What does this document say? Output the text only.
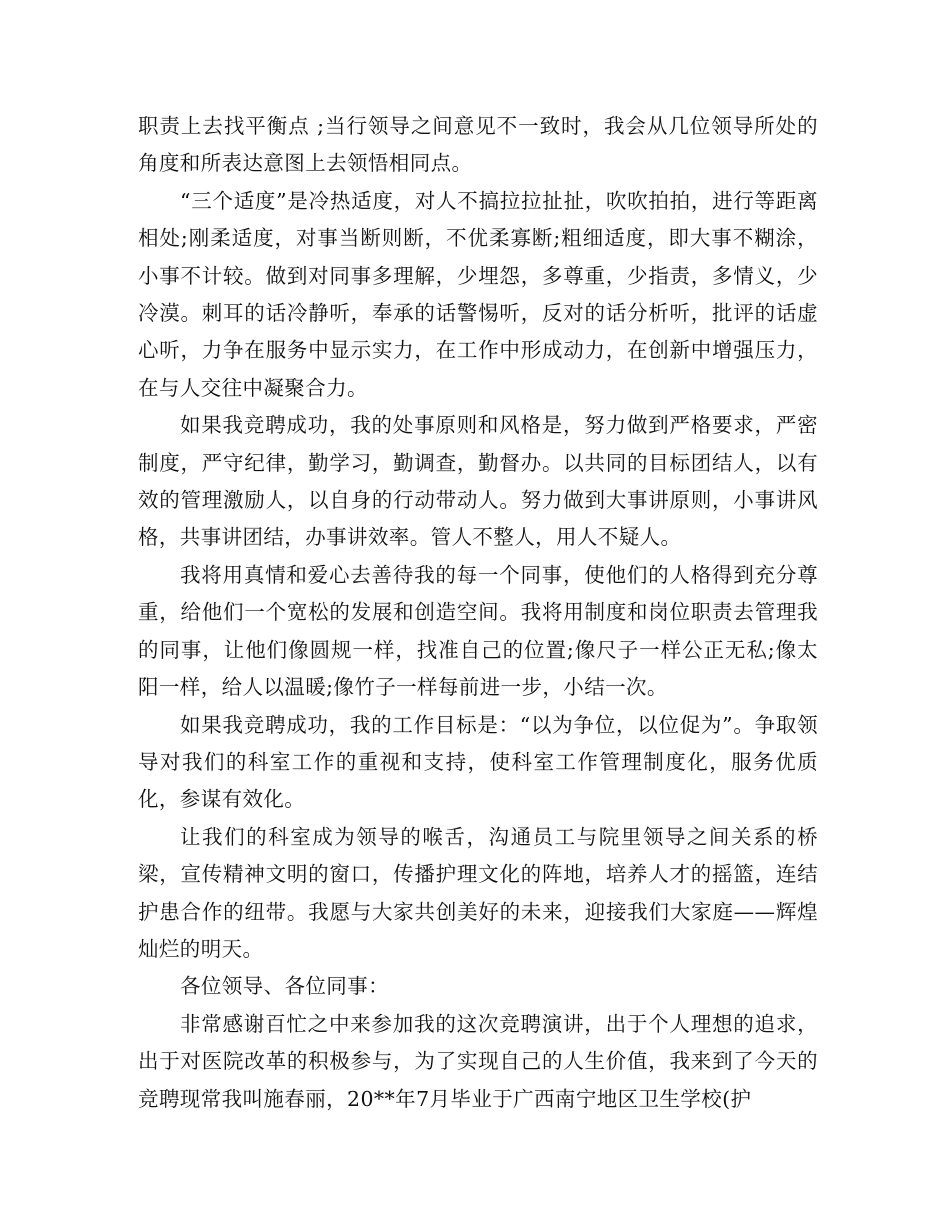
职责上去找平衡点 ;当行领导之间意见不一致时，我会从几位领导所处的角度和所表达意图上去领悟相同点。

“三个适度”是冷热适度，对人不搞拉拉扯扯，吹吹拍拍，进行等距离相处;刚柔适度，对事当断则断，不优柔寡断;粗细适度，即大事不糊涂，小事不计较。做到对同事多理解，少埋怨，多尊重，少指责，多情义，少冷漠。刺耳的话冷静听，奉承的话警惕听，反对的话分析听，批评的话虚心听，力争在服务中显示实力，在工作中形成动力，在创新中增强压力，在与人交往中凝聚合力。

如果我竞聘成功，我的处事原则和风格是，努力做到严格要求，严密制度，严守纪律，勤学习，勤调查，勤督办。以共同的目标团结人，以有效的管理激励人，以自身的行动带动人。努力做到大事讲原则，小事讲风格，共事讲团结，办事讲效率。管人不整人，用人不疑人。

我将用真情和爱心去善待我的每一个同事，使他们的人格得到充分尊重，给他们一个宽松的发展和创造空间。我将用制度和岗位职责去管理我的同事，让他们像圆规一样，找准自己的位置;像尺子一样公正无私;像太阳一样，给人以温暖;像竹子一样每前进一步，小结一次。

如果我竞聘成功，我的工作目标是：“以为争位，以位促为”。争取领导对我们的科室工作的重视和支持，使科室工作管理制度化，服务优质化，参谋有效化。

让我们的科室成为领导的喉舌，沟通员工与院里领导之间关系的桥梁，宣传精神文明的窗口，传播护理文化的阵地，培养人才的摇篮，连结护患合作的纽带。我愿与大家共创美好的未来，迎接我们大家庭——辉煌灿烂的明天。

各位领导、各位同事：

非常感谢百忙之中来参加我的这次竞聘演讲，出于个人理想的追求，出于对医院改革的积极参与，为了实现自己的人生价值，我来到了今天的竞聘现常我叫施春丽，20**年7月毕业于广西南宁地区卫生学校(护
